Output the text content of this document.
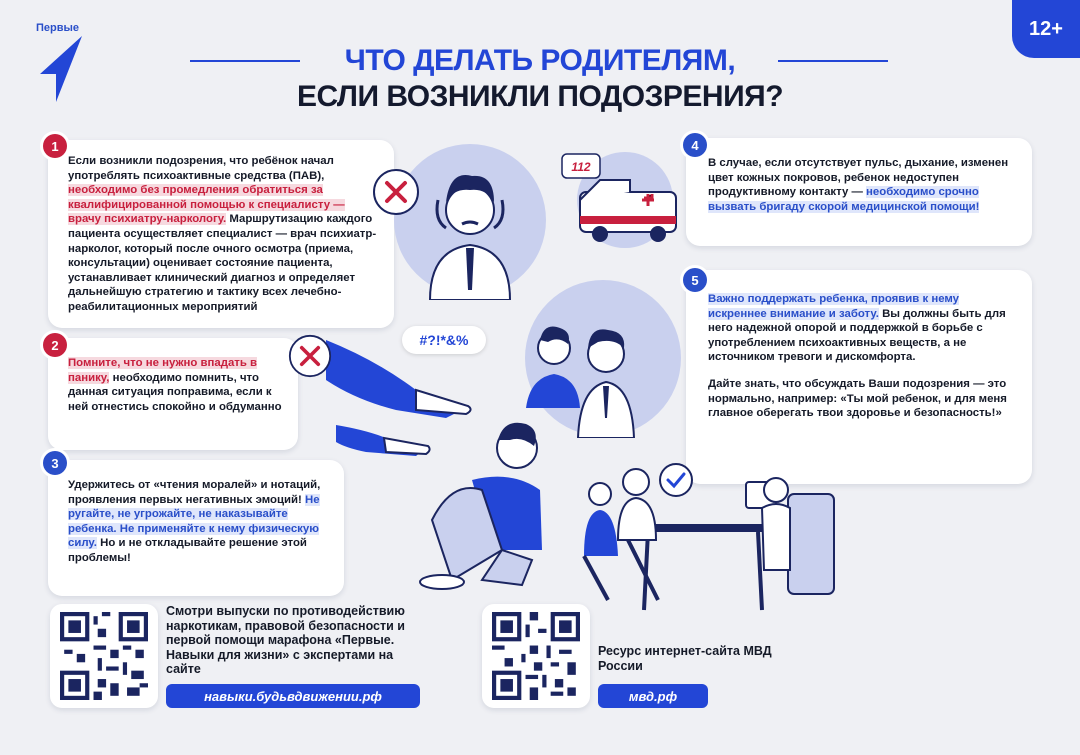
Первые	12+
ЧТО ДЕЛАТЬ РОДИТЕЛЯМ,
ЕСЛИ ВОЗНИКЛИ ПОДОЗРЕНИЯ?

Если возникли подозрения, что ребёнок начал употреблять психоактивные средства (ПАВ), необходимо без промедления обратиться за квалифицированной помощью к специалисту — врачу психиатру-наркологу. Маршрутизацию каждого пациента осуществляет специалист — врач психиатр-нарколог, который после очного осмотра (приема, консультации) оценивает состояние пациента, устанавливает клинический диагноз и определяет дальнейшую стратегию и тактику всех лечебно-реабилитационных мероприятий

1

Помните, что не нужно впадать в панику, необходимо помнить, что данная ситуация поправима, если к ней отнестись спокойно и обдуманно

2

Удержитесь от «чтения моралей» и нотаций, проявления первых негативных эмоций! Не ругайте, не угрожайте, не наказывайте ребенка. Не применяйте к нему физическую силу. Но и не откладывайте решение этой проблемы!

3

В случае, если отсутствует пульс, дыхание, изменен цвет кожных покровов, ребенок недоступен продуктивному контакту — необходимо срочно вызвать бригаду скорой медицинской помощи!

4

Важно поддержать ребенка, проявив к нему искреннее внимание и заботу. Вы должны быть для него надежной опорой и поддержкой в борьбе с употреблением психоактивных веществ, а не источником тревоги и дискомфорта.

Дайте знать, что обсуждать Ваши подозрения — это нормально, например: «Ты мой ребенок, и для меня главное оберегать твои здоровье и безопасность!»

5
112
#?!*&%
Смотри выпуски по противодействию наркотикам, правовой безопасности и первой помощи марафона «Первые. Навыки для жизни» с экспертами на сайте
навыки.будьвдвижении.рф
Ресурс интернет-сайта МВД России
мвд.рф
